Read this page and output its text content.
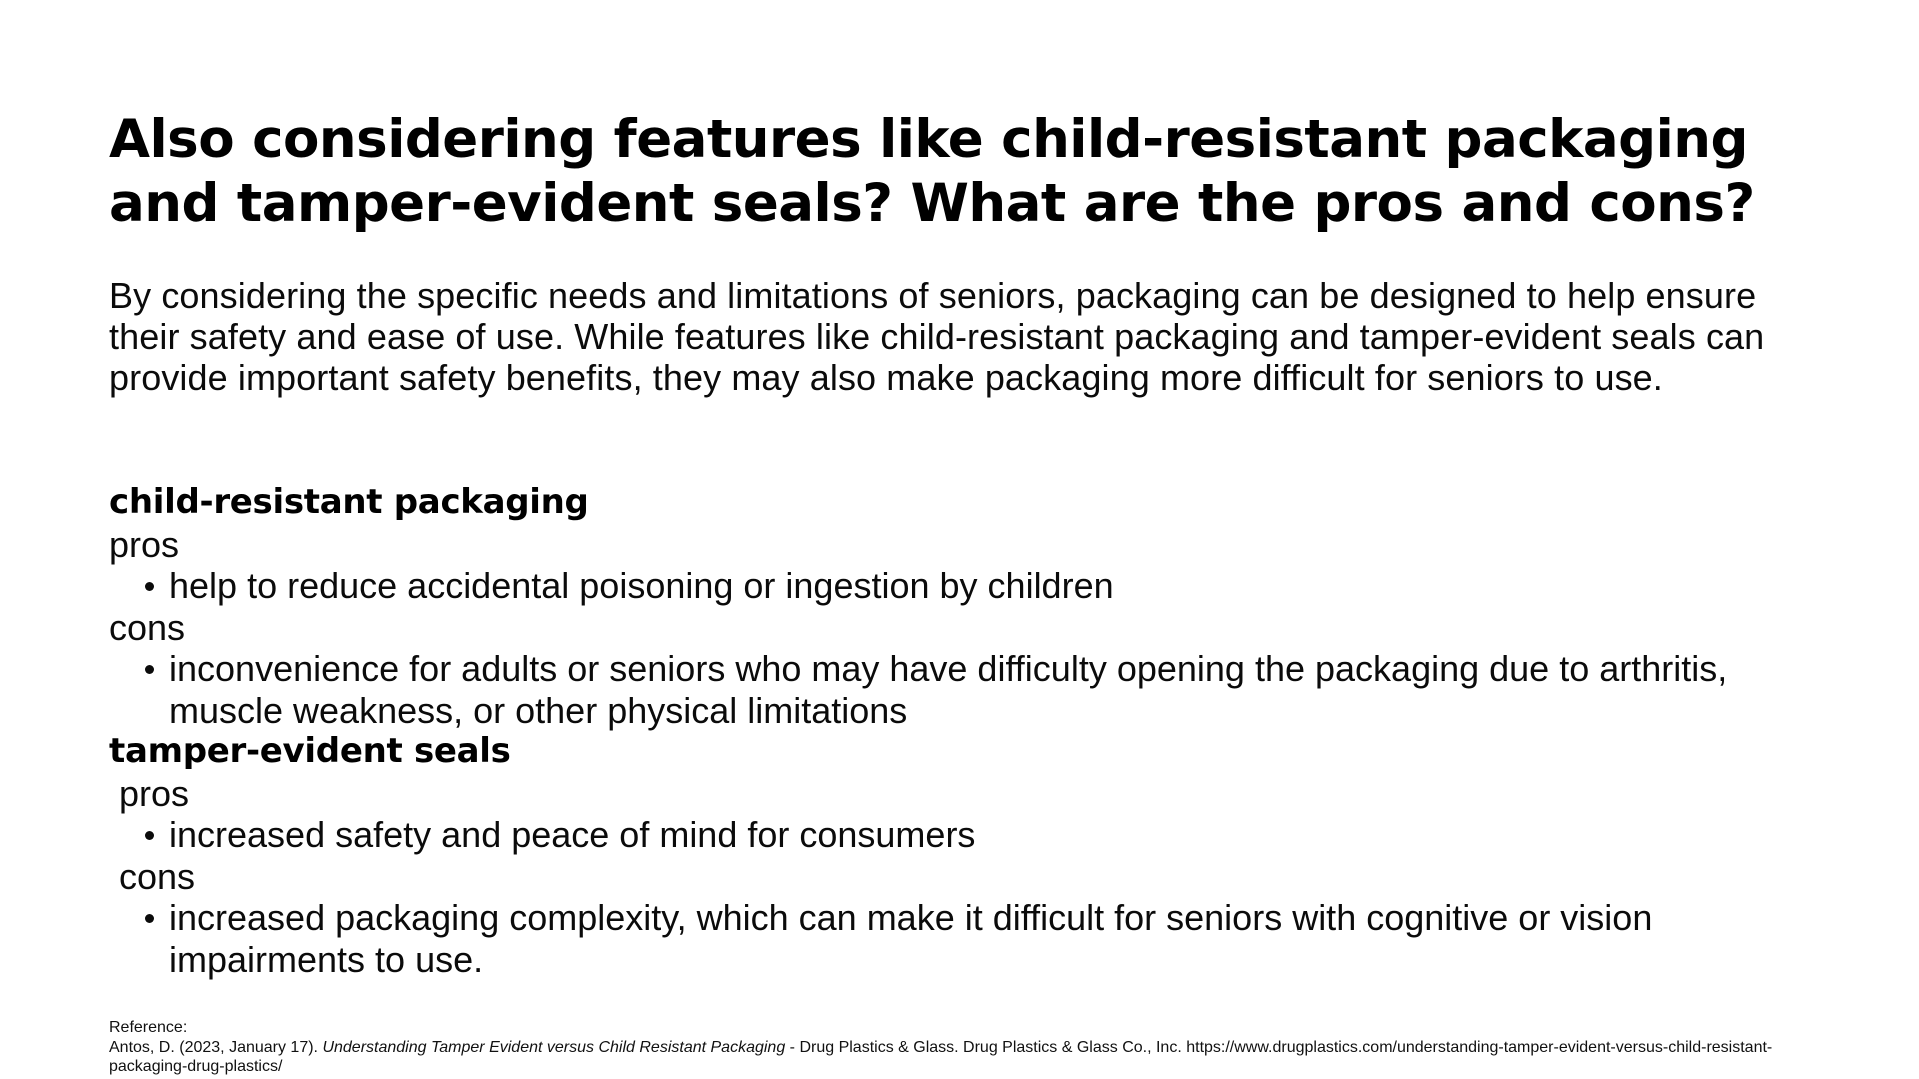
Also considering features like child-resistant packaging and tamper-evident seals? What are the pros and cons?

By considering the specific needs and limitations of seniors, packaging can be designed to help ensure their safety and ease of use. While features like child-resistant packaging and tamper-evident seals can provide important safety benefits, they may also make packaging more difficult for seniors to use.

child-resistant packaging
pros
help to reduce accidental poisoning or ingestion by children
cons
inconvenience for adults or seniors who may have difficulty opening the packaging due to arthritis, muscle weakness, or other physical limitations
tamper-evident seals
pros
increased safety and peace of mind for consumers
cons
increased packaging complexity, which can make it difficult for seniors with cognitive or vision impairments to use.
Reference:
Antos, D. (2023, January 17). Understanding Tamper Evident versus Child Resistant Packaging - Drug Plastics & Glass. Drug Plastics & Glass Co., Inc. https://www.drugplastics.com/understanding-tamper-evident-versus-child-resistant-packaging-drug-plastics/
